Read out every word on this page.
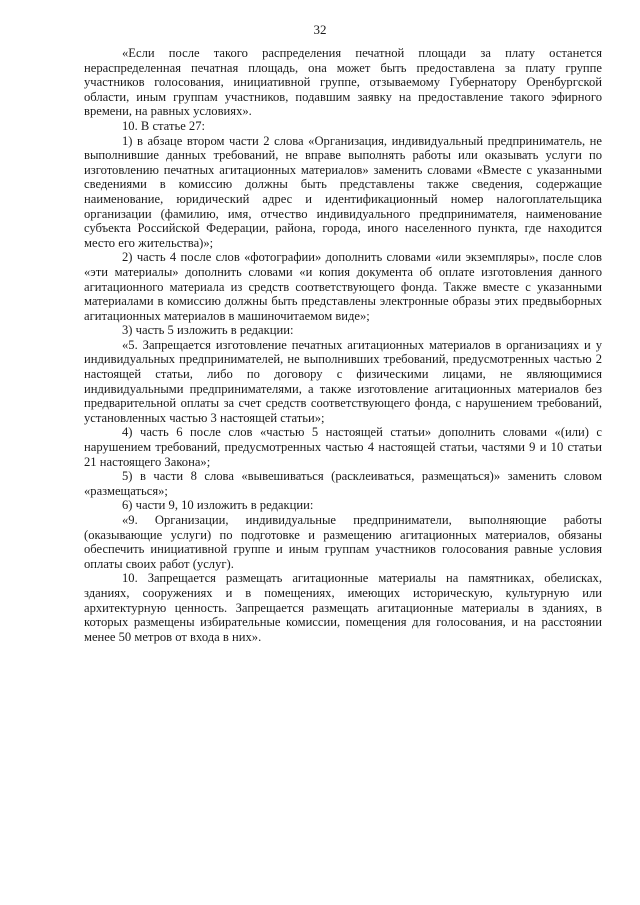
32

«Если после такого распределения печатной площади за плату останется нераспределенная печатная площадь, она может быть предоставлена за плату группе участников голосования, инициативной группе, отзываемому Губернатору Оренбургской области, иным группам участников, подавшим заявку на предоставление такого эфирного времени, на равных условиях».

10. В статье 27:

1) в абзаце втором части 2 слова «Организация, индивидуальный предприниматель, не выполнившие данных требований, не вправе выполнять работы или оказывать услуги по изготовлению печатных агитационных материалов» заменить словами «Вместе с указанными сведениями в комиссию должны быть представлены также сведения, содержащие наименование, юридический адрес и идентификационный номер налогоплательщика организации (фамилию, имя, отчество индивидуального предпринимателя, наименование субъекта Российской Федерации, района, города, иного населенного пункта, где находится место его жительства)»;

2) часть 4 после слов «фотографии» дополнить словами «или экземпляры», после слов «эти материалы» дополнить словами «и копия документа об оплате изготовления данного агитационного материала из средств соответствующего фонда. Также вместе с указанными материалами в комиссию должны быть представлены электронные образы этих предвыборных агитационных материалов в машиночитаемом виде»;

3) часть 5 изложить в редакции:

«5. Запрещается изготовление печатных агитационных материалов в организациях и у индивидуальных предпринимателей, не выполнивших требований, предусмотренных частью 2 настоящей статьи, либо по договору с физическими лицами, не являющимися индивидуальными предпринимателями, а также изготовление агитационных материалов без предварительной оплаты за счет средств соответствующего фонда, с нарушением требований, установленных частью 3 настоящей статьи»;

4) часть 6 после слов «частью 5 настоящей статьи» дополнить словами «(или) с нарушением требований, предусмотренных частью 4 настоящей статьи, частями 9 и 10 статьи 21 настоящего Закона»;

5) в части 8 слова «вывешиваться (расклеиваться, размещаться)» заменить словом «размещаться»;

6) части 9, 10 изложить в редакции:

«9. Организации, индивидуальные предприниматели, выполняющие работы (оказывающие услуги) по подготовке и размещению агитационных материалов, обязаны обеспечить инициативной группе и иным группам участников голосования равные условия оплаты своих работ (услуг).

10. Запрещается размещать агитационные материалы на памятниках, обелисках, зданиях, сооружениях и в помещениях, имеющих историческую, культурную или архитектурную ценность. Запрещается размещать агитационные материалы в зданиях, в которых размещены избирательные комиссии, помещения для голосования, и на расстоянии менее 50 метров от входа в них».
